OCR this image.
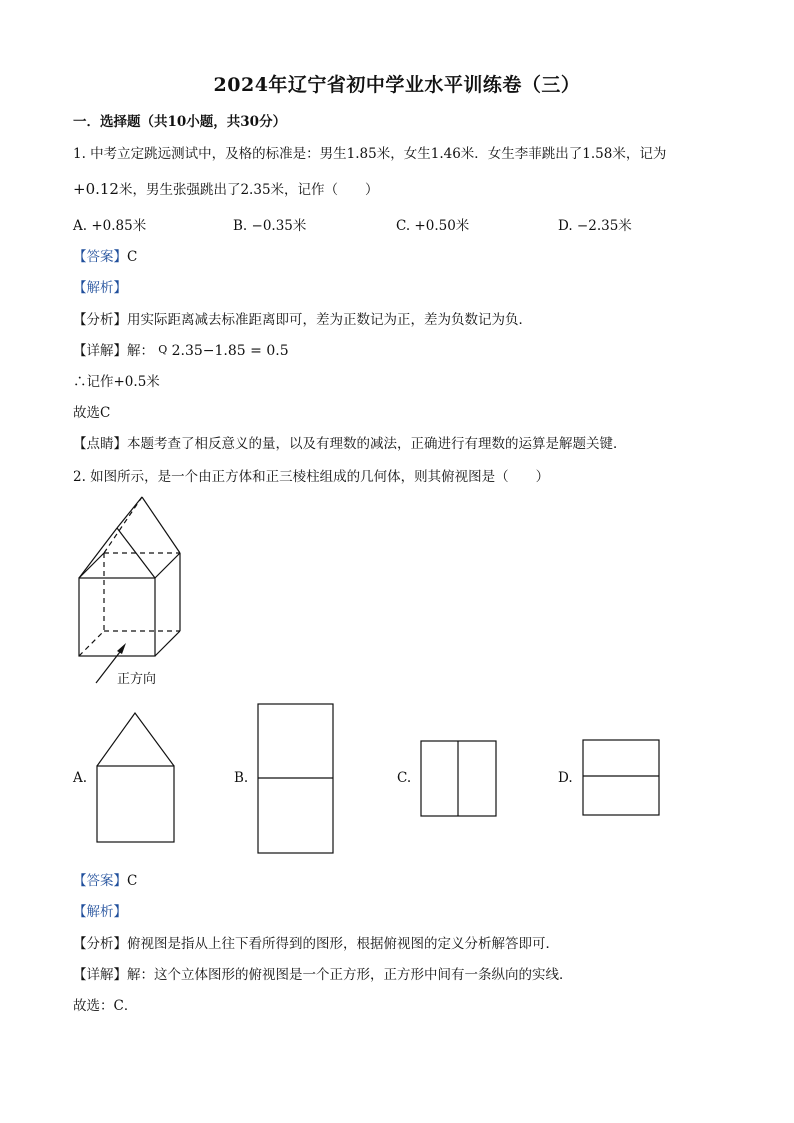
2024年辽宁省初中学业水平训练卷（三）
一．选择题（共10小题，共30分）
1. 中考立定跳远测试中，及格的标准是：男生1.85米，女生1.46米．女生李菲跳出了1.58米，记为
+0.12米，男生张强跳出了2.35米，记作（　　）
A. +0.85米	B. −0.35米	C. +0.50米	D. −2.35米
【答案】C
【解析】
【分析】用实际距离减去标准距离即可，差为正数记为正，差为负数记为负．
【详解】解： Q 2.35−1.85 = 0.5
∴记作+0.5米
故选C
【点睛】本题考查了相反意义的量，以及有理数的减法，正确进行有理数的运算是解题关键．
2. 如图所示，是一个由正方体和正三棱柱组成的几何体，则其俯视图是（　　）
正方向
A.	B.	C.	D.
【答案】C
【解析】
【分析】俯视图是指从上往下看所得到的图形，根据俯视图的定义分析解答即可．
【详解】解：这个立体图形的俯视图是一个正方形，正方形中间有一条纵向的实线．
故选：C．
